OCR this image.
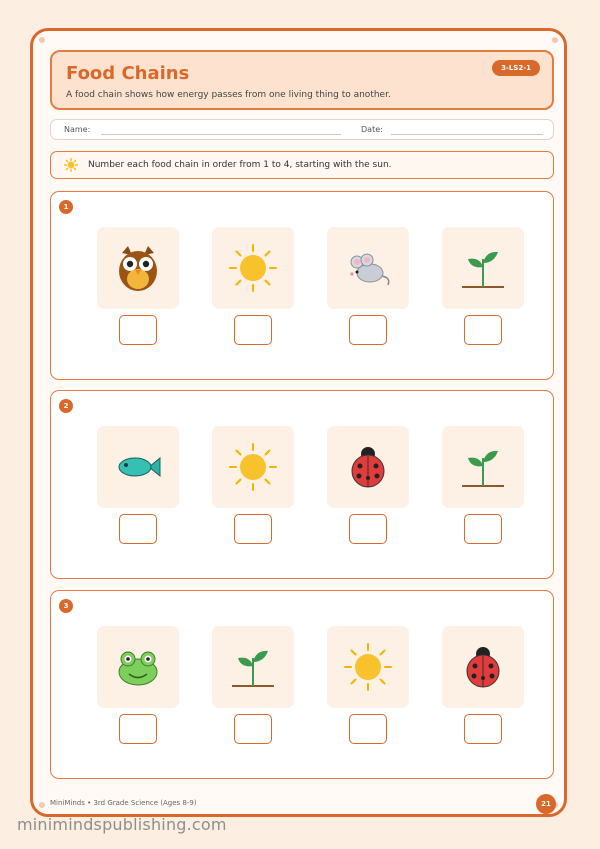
Food Chains
A food chain shows how energy passes from one living thing to another.
3-LS2-1
Name:	Date:
Number each food chain in order from 1 to 4, starting with the sun.
1
2
3
MiniMinds • 3rd Grade Science (Ages 8-9)	21
minimindspublishing.com
